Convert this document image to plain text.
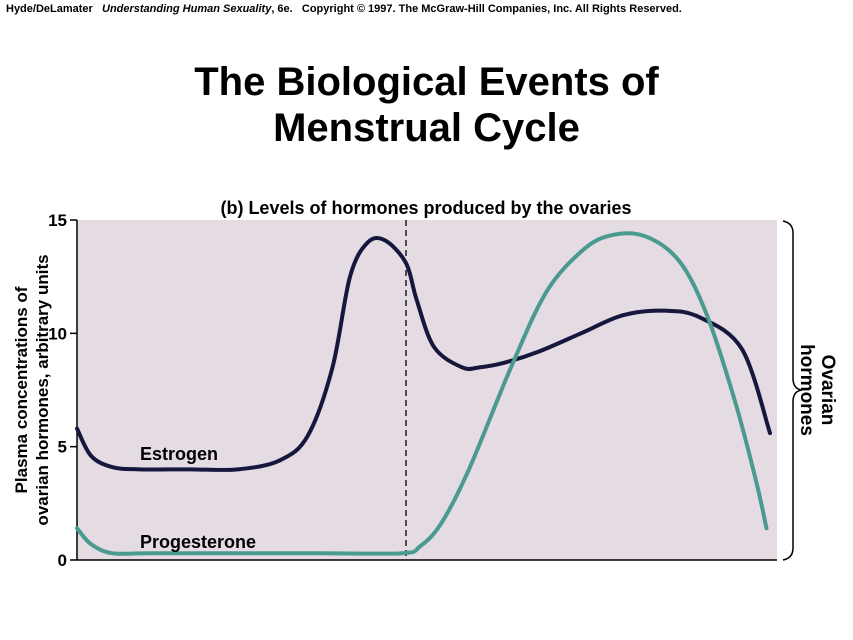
Hyde/DeLamater Understanding Human Sexuality, 6e. Copyright © 1997. The McGraw-Hill Companies, Inc. All Rights Reserved.
The Biological Events of
Menstrual Cycle
(b) Levels of hormones produced by the ovaries
0
5
10
15
Estrogen
Progesterone
Plasma concentrations of ovarian hormones, arbitrary units	Ovarian
hormones
